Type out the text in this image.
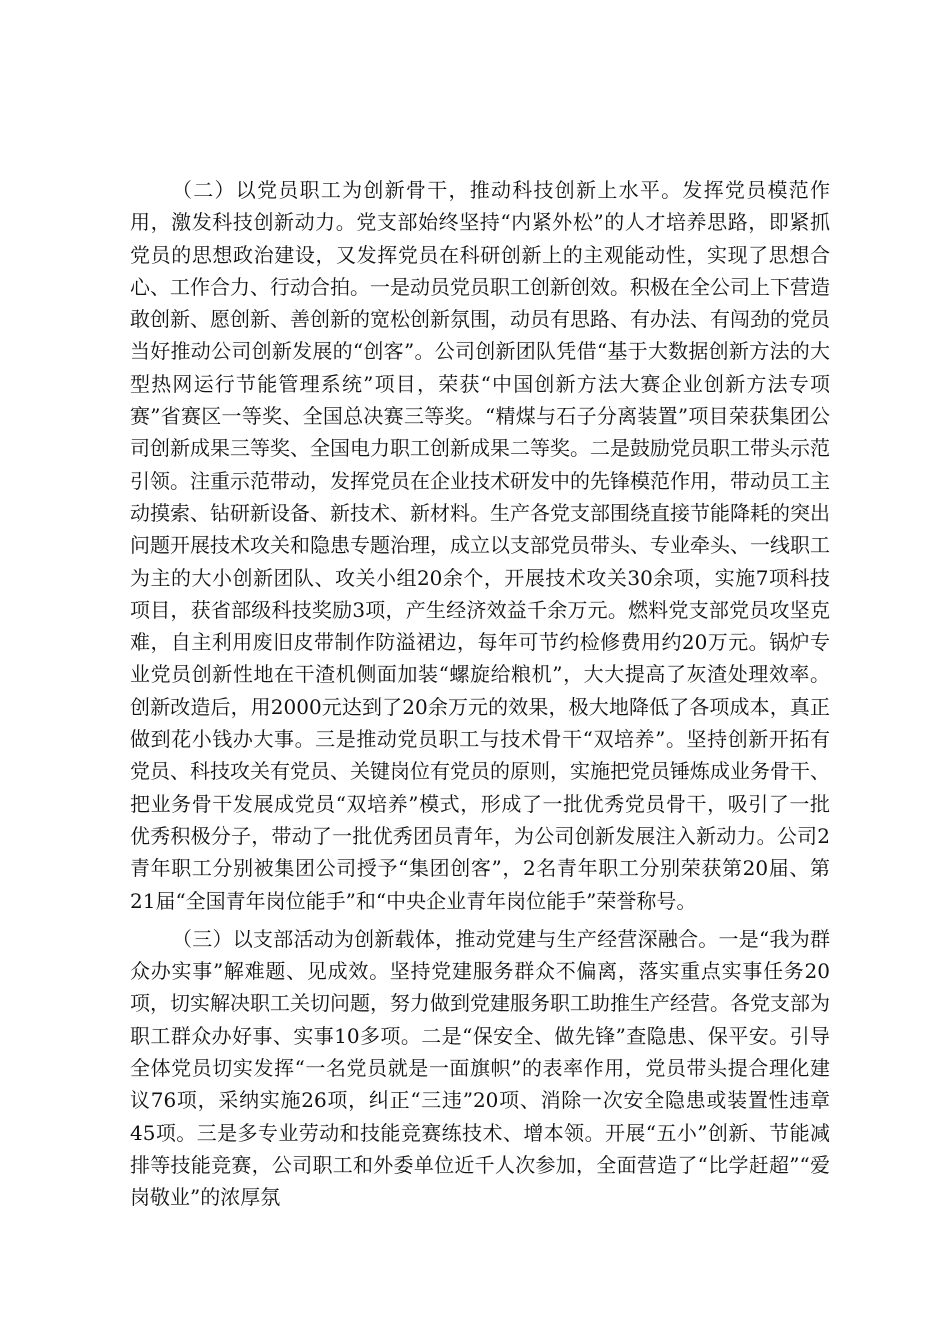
（二）以党员职工为创新骨干，推动科技创新上水平。发挥党员模范作用，激发科技创新动力。党支部始终坚持“内紧外松”的人才培养思路，即紧抓党员的思想政治建设，又发挥党员在科研创新上的主观能动性，实现了思想合心、工作合力、行动合拍。一是动员党员职工创新创效。积极在全公司上下营造敢创新、愿创新、善创新的宽松创新氛围，动员有思路、有办法、有闯劲的党员当好推动公司创新发展的“创客”。公司创新团队凭借“基于大数据创新方法的大型热网运行节能管理系统”项目，荣获“中国创新方法大赛企业创新方法专项赛”省赛区一等奖、全国总决赛三等奖。“精煤与石子分离装置”项目荣获集团公司创新成果三等奖、全国电力职工创新成果二等奖。二是鼓励党员职工带头示范引领。注重示范带动，发挥党员在企业技术研发中的先锋模范作用，带动员工主动摸索、钻研新设备、新技术、新材料。生产各党支部围绕直接节能降耗的突出问题开展技术攻关和隐患专题治理，成立以支部党员带头、专业牵头、一线职工为主的大小创新团队、攻关小组20余个，开展技术攻关30余项，实施7项科技项目，获省部级科技奖励3项，产生经济效益千余万元。燃料党支部党员攻坚克难，自主利用废旧皮带制作防溢裙边，每年可节约检修费用约20万元。锅炉专业党员创新性地在干渣机侧面加装“螺旋给粮机”，大大提高了灰渣处理效率。创新改造后，用2000元达到了20余万元的效果，极大地降低了各项成本，真正做到花小钱办大事。三是推动党员职工与技术骨干“双培养”。坚持创新开拓有党员、科技攻关有党员、关键岗位有党员的原则，实施把党员锤炼成业务骨干、把业务骨干发展成党员“双培养”模式，形成了一批优秀党员骨干，吸引了一批优秀积极分子，带动了一批优秀团员青年，为公司创新发展注入新动力。公司2青年职工分别被集团公司授予“集团创客”，2名青年职工分别荣获第20届、第21届“全国青年岗位能手”和“中央企业青年岗位能手”荣誉称号。

（三）以支部活动为创新载体，推动党建与生产经营深融合。一是“我为群众办实事”解难题、见成效。坚持党建服务群众不偏离，落实重点实事任务20项，切实解决职工关切问题，努力做到党建服务职工助推生产经营。各党支部为职工群众办好事、实事10多项。二是“保安全、做先锋”查隐患、保平安。引导全体党员切实发挥“一名党员就是一面旗帜”的表率作用，党员带头提合理化建议76项，采纳实施26项，纠正“三违”20项、消除一次安全隐患或装置性违章45项。三是多专业劳动和技能竞赛练技术、增本领。开展“五小”创新、节能减排等技能竞赛，公司职工和外委单位近千人次参加，全面营造了“比学赶超”“爱岗敬业”的浓厚氛
